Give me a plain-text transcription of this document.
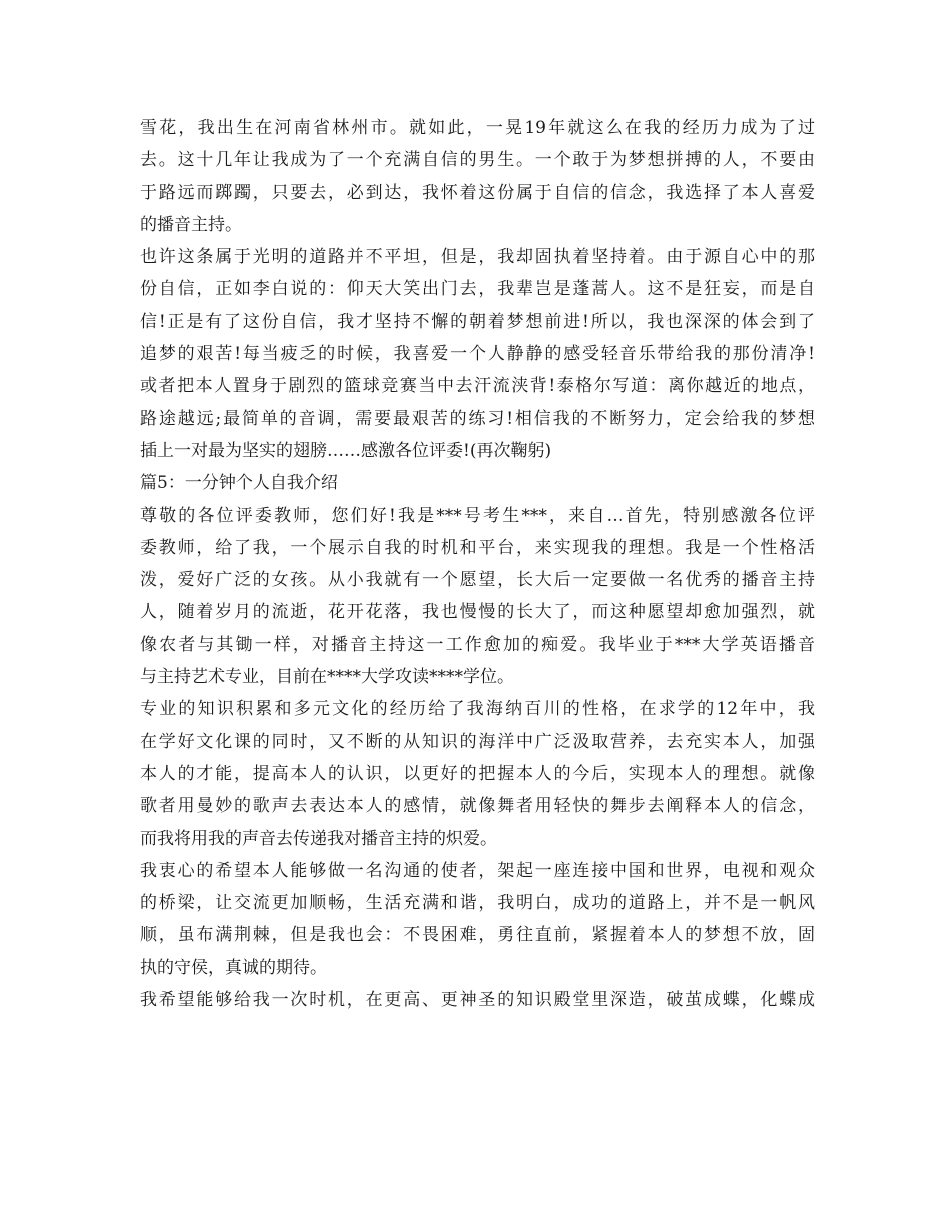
雪花，我出生在河南省林州市。就如此，一晃19年就这么在我的经历力成为了过
去。这十几年让我成为了一个充满自信的男生。一个敢于为梦想拼搏的人，不要由
于路远而踯躅，只要去，必到达，我怀着这份属于自信的信念，我选择了本人喜爱
的播音主持。
也许这条属于光明的道路并不平坦，但是，我却固执着坚持着。由于源自心中的那
份自信，正如李白说的：仰天大笑出门去，我辈岂是蓬蒿人。这不是狂妄，而是自
信!正是有了这份自信，我才坚持不懈的朝着梦想前进!所以，我也深深的体会到了
追梦的艰苦!每当疲乏的时候，我喜爱一个人静静的感受轻音乐带给我的那份清净!
或者把本人置身于剧烈的篮球竞赛当中去汗流浃背!泰格尔写道：离你越近的地点，
路途越远;最简单的音调，需要最艰苦的练习!相信我的不断努力，定会给我的梦想
插上一对最为坚实的翅膀……感激各位评委!(再次鞠躬)
篇5：一分钟个人自我介绍
尊敬的各位评委教师，您们好!我是***号考生***，来自…首先，特别感激各位评
委教师，给了我，一个展示自我的时机和平台，来实现我的理想。我是一个性格活
泼，爱好广泛的女孩。从小我就有一个愿望，长大后一定要做一名优秀的播音主持
人，随着岁月的流逝，花开花落，我也慢慢的长大了，而这种愿望却愈加强烈，就
像农者与其锄一样，对播音主持这一工作愈加的痴爱。我毕业于***大学英语播音
与主持艺术专业，目前在****大学攻读****学位。
专业的知识积累和多元文化的经历给了我海纳百川的性格，在求学的12年中，我
在学好文化课的同时，又不断的从知识的海洋中广泛汲取营养，去充实本人，加强
本人的才能，提高本人的认识，以更好的把握本人的今后，实现本人的理想。就像
歌者用曼妙的歌声去表达本人的感情，就像舞者用轻快的舞步去阐释本人的信念，
而我将用我的声音去传递我对播音主持的炽爱。
我衷心的希望本人能够做一名沟通的使者，架起一座连接中国和世界，电视和观众
的桥梁，让交流更加顺畅，生活充满和谐，我明白，成功的道路上，并不是一帆风
顺，虽布满荆棘，但是我也会：不畏困难，勇往直前，紧握着本人的梦想不放，固
执的守侯，真诚的期待。
我希望能够给我一次时机，在更高、更神圣的知识殿堂里深造，破茧成蝶，化蝶成
